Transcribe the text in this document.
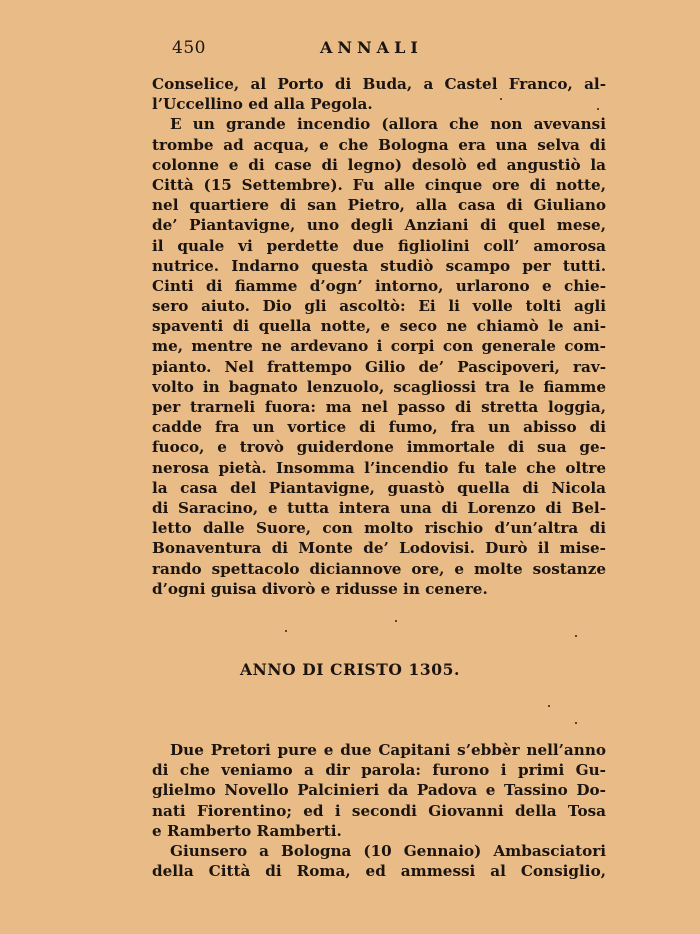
450	ANNALI
Conselice, al Porto di Buda, a Castel Franco, al-
l’Uccellino ed alla Pegola.
E un grande incendio (allora che non avevansi
trombe ad acqua, e che Bologna era una selva di
colonne e di case di legno) desolò ed angustiò la
Città (15 Settembre). Fu alle cinque ore di notte,
nel quartiere di san Pietro, alla casa di Giuliano
de’ Piantavigne, uno degli Anziani di quel mese,
il quale vi perdette due figliolini coll’ amorosa
nutrice. Indarno questa studiò scampo per tutti.
Cinti di fiamme d’ogn’ intorno, urlarono e chie-
sero aiuto. Dio gli ascoltò: Ei li volle tolti agli
spaventi di quella notte, e seco ne chiamò le ani-
me, mentre ne ardevano i corpi con generale com-
pianto. Nel frattempo Gilio de’ Pascipoveri, rav-
volto in bagnato lenzuolo, scagliossi tra le fiamme
per trarneli fuora: ma nel passo di stretta loggia,
cadde fra un vortice di fumo, fra un abisso di
fuoco, e trovò guiderdone immortale di sua ge-
nerosa pietà. Insomma l’incendio fu tale che oltre
la casa del Piantavigne, guastò quella di Nicola
di Saracino, e tutta intera una di Lorenzo di Bel-
letto dalle Suore, con molto rischio d’un’altra di
Bonaventura di Monte de’ Lodovisi. Durò il mise-
rando spettacolo diciannove ore, e molte sostanze
d’ogni guisa divorò e ridusse in cenere.
ANNO DI CRISTO 1305.
Due Pretori pure e due Capitani s’ebbèr nell’anno
di che veniamo a dir parola: furono i primi Gu-
glielmo Novello Palcinieri da Padova e Tassino Do-
nati Fiorentino; ed i secondi Giovanni della Tosa
e Ramberto Ramberti.
Giunsero a Bologna (10 Gennaio) Ambasciatori
della Città di Roma, ed ammessi al Consiglio,
